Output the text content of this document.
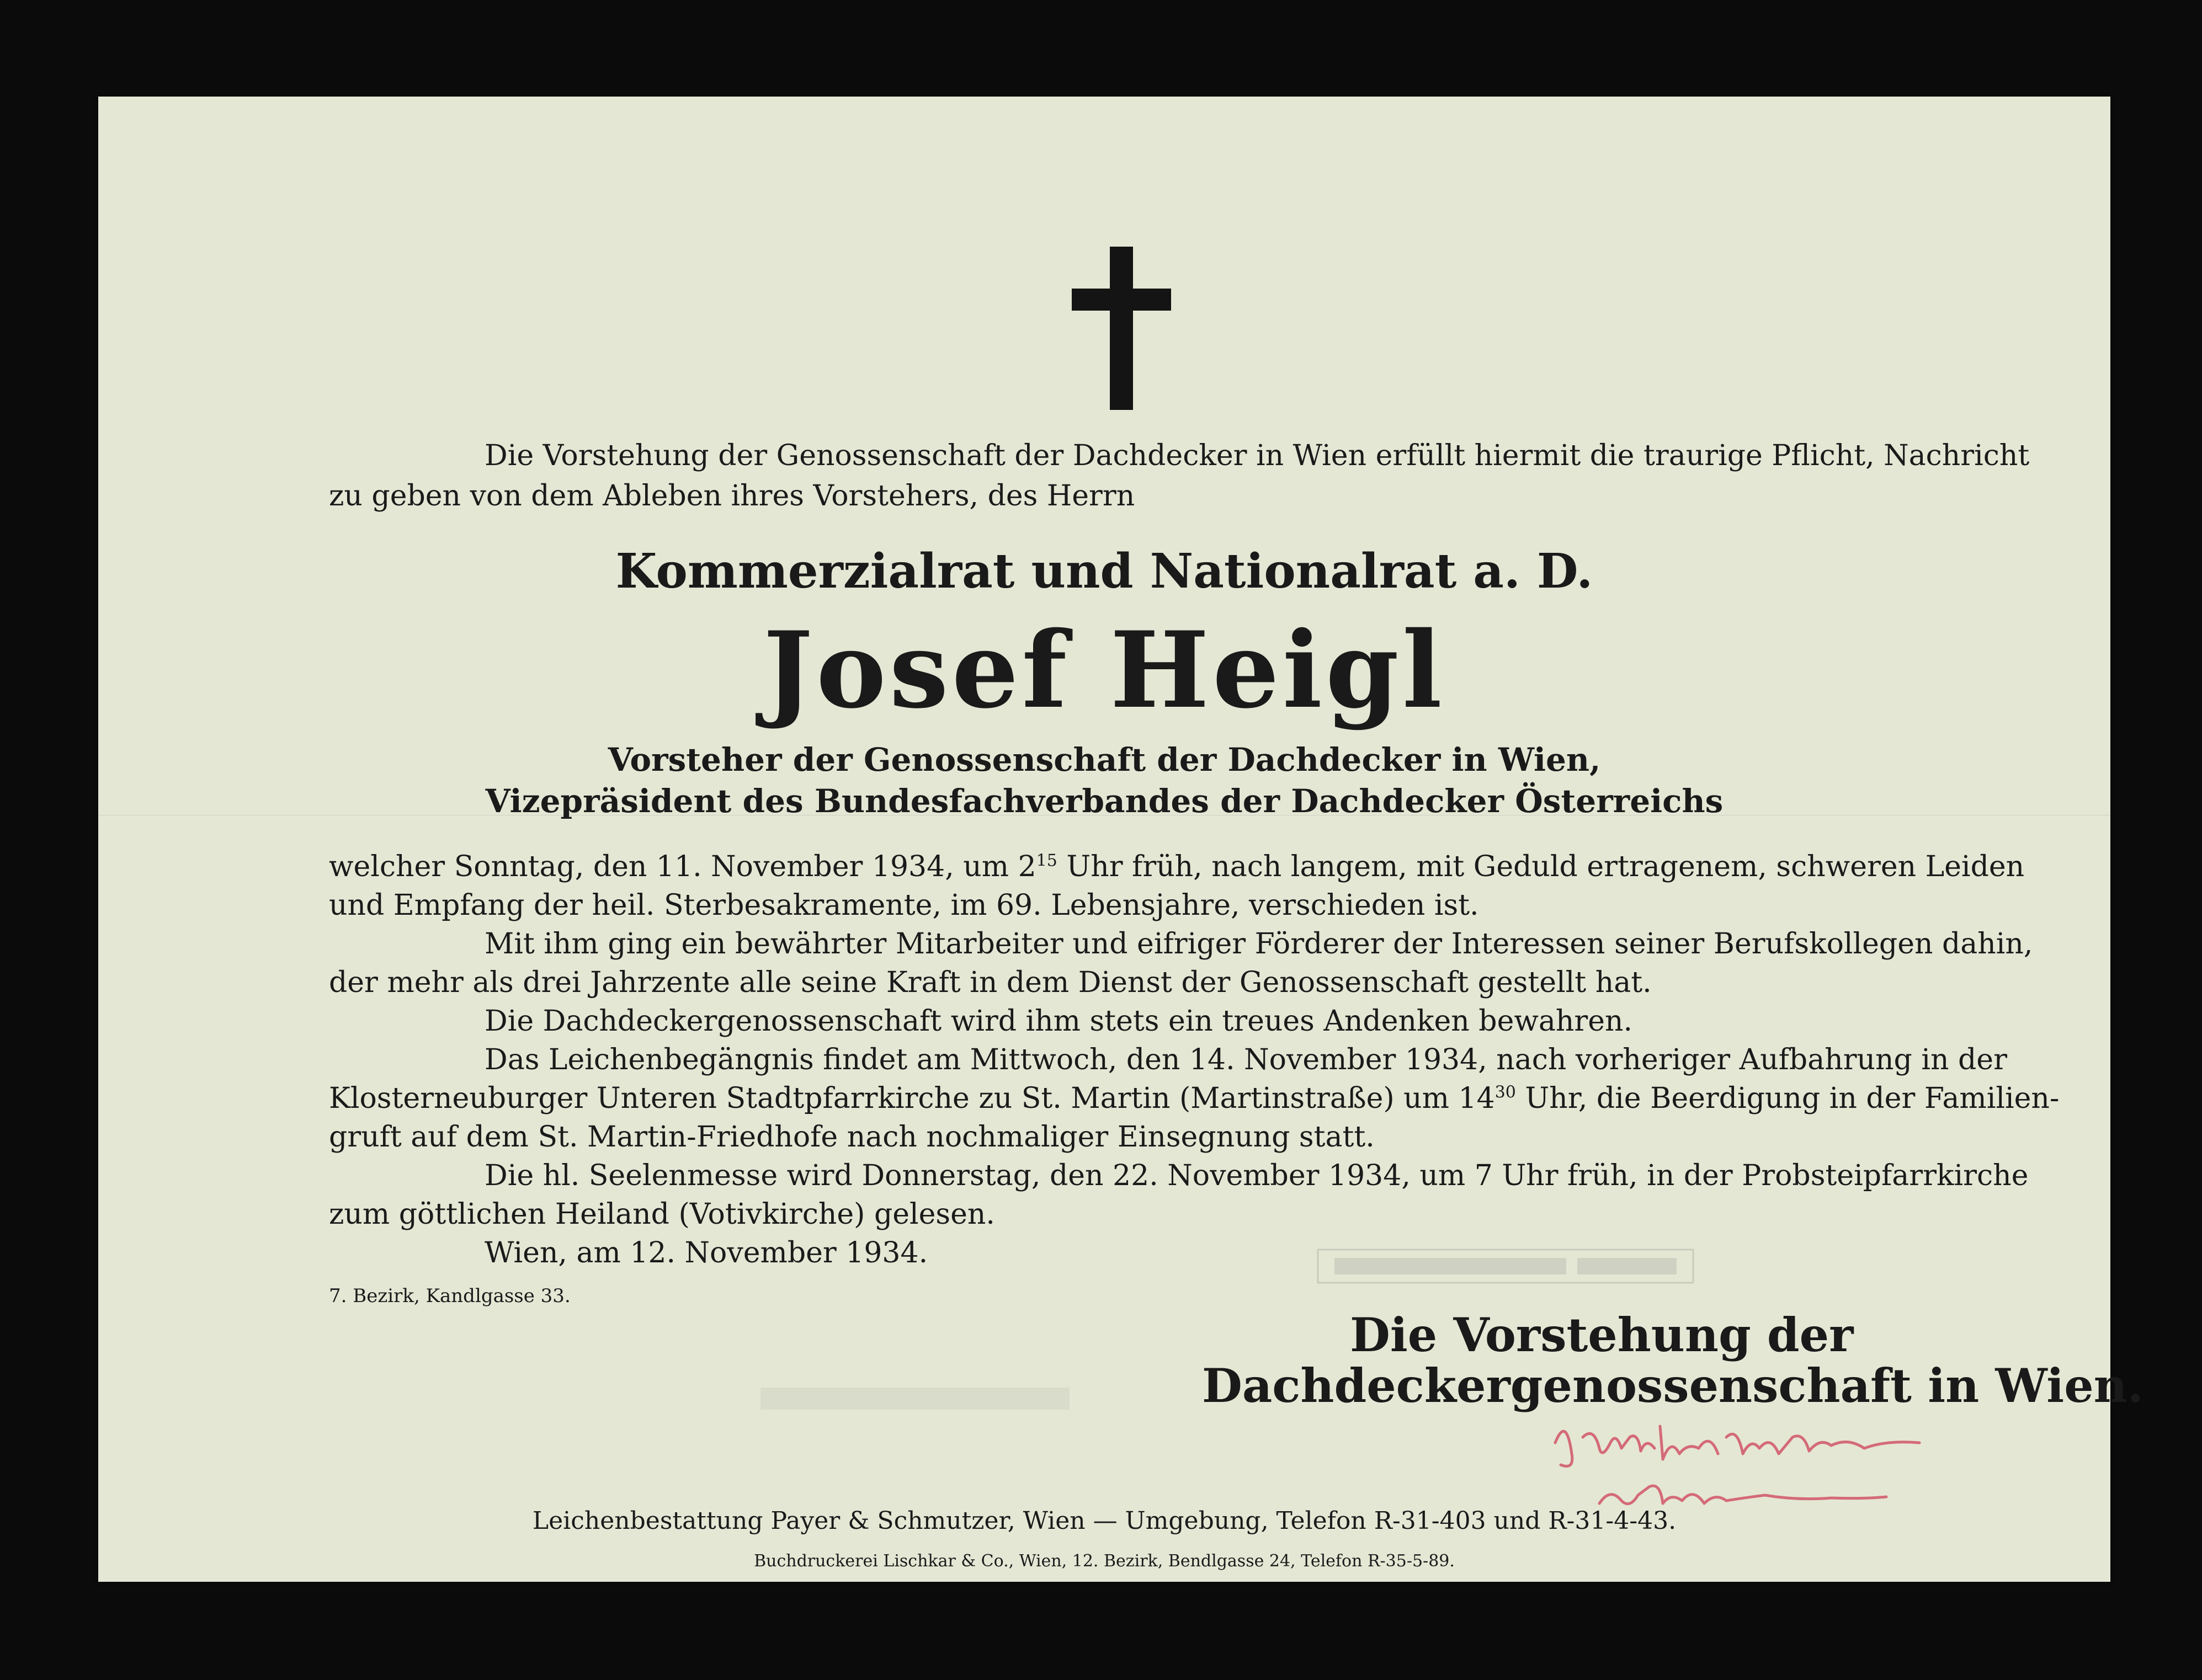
Die Vorstehung der Genossenschaft der Dachdecker in Wien erfüllt hiermit die traurige Pflicht, Nachricht
zu geben von dem Ableben ihres Vorstehers, des Herrn
Kommerzialrat und Nationalrat a. D.
Josef Heigl
Vorsteher der Genossenschaft der Dachdecker in Wien,
Vizepräsident des Bundesfachverbandes der Dachdecker Österreichs
welcher Sonntag, den 11. November 1934, um $2^{15}$ Uhr früh, nach langem, mit Geduld ertragenem, schweren Leiden
und Empfang der heil. Sterbesakramente, im 69. Lebensjahre, verschieden ist.
Mit ihm ging ein bewährter Mitarbeiter und eifriger Förderer der Interessen seiner Berufskollegen dahin,
der mehr als drei Jahrzente alle seine Kraft in dem Dienst der Genossenschaft gestellt hat.
Die Dachdeckergenossenschaft wird ihm stets ein treues Andenken bewahren.
Das Leichenbegängnis findet am Mittwoch, den 14. November 1934, nach vorheriger Aufbahrung in der
Klosterneuburger Unteren Stadtpfarrkirche zu St. Martin (Martinstraße) um $14^{30}$ Uhr, die Beerdigung in der Familien-
gruft auf dem St. Martin-Friedhofe nach nochmaliger Einsegnung statt.
Die hl. Seelenmesse wird Donnerstag, den 22. November 1934, um 7 Uhr früh, in der Probsteipfarrkirche
zum göttlichen Heiland (Votivkirche) gelesen.
Wien, am 12. November 1934.
7. Bezirk, Kandlgasse 33.
Die Vorstehung der
Dachdeckergenossenschaft in Wien.
Leichenbestattung Payer & Schmutzer, Wien — Umgebung, Telefon R-31-403 und R-31-4-43.
Buchdruckerei Lischkar & Co., Wien, 12. Bezirk, Bendlgasse 24, Telefon R-35-5-89.
